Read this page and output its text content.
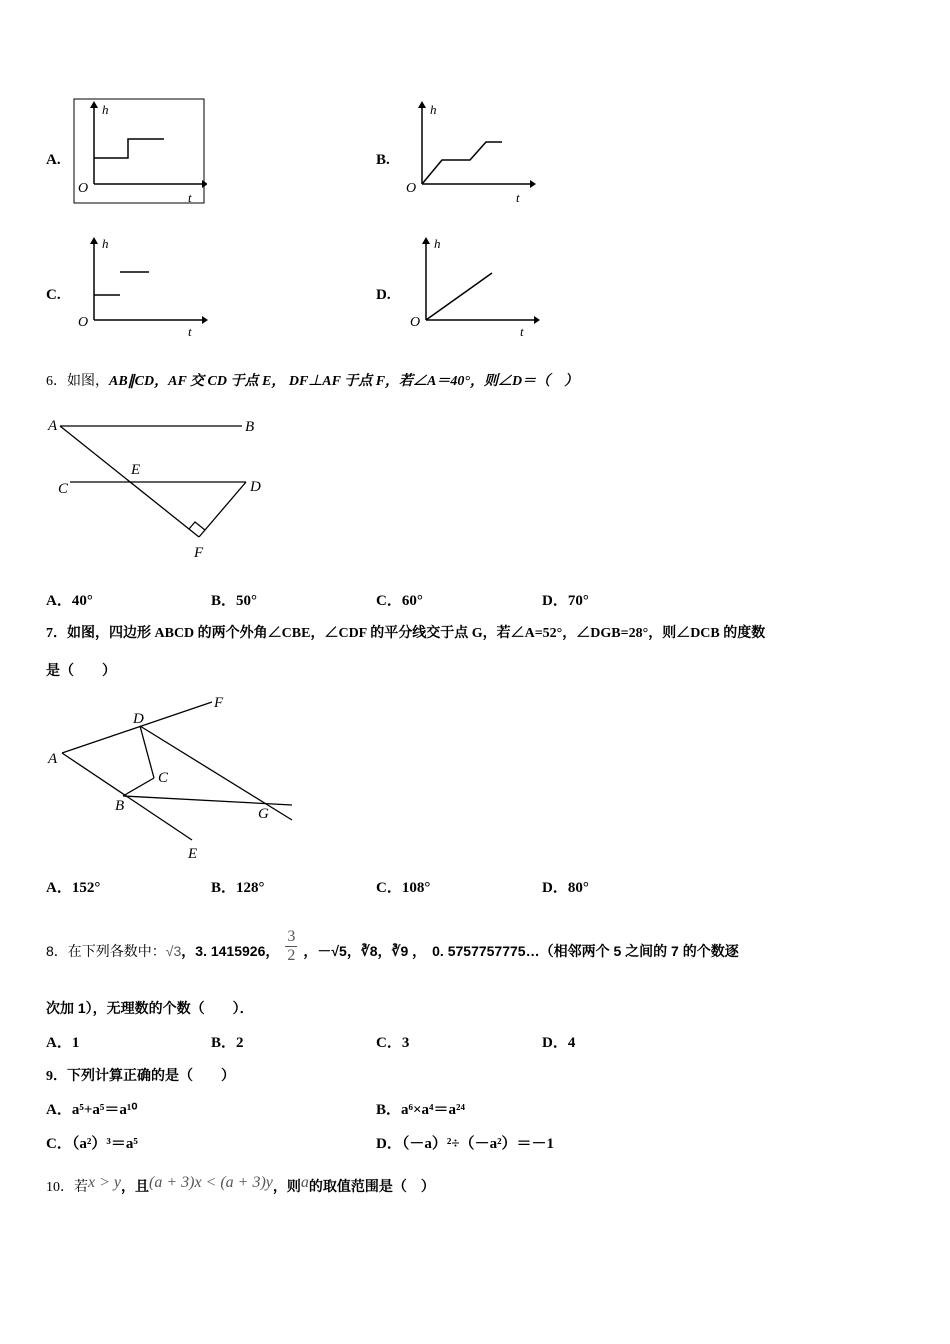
A.
h
O
t
B.
h
O
t
C.
h
O
t
D.
h
O
t
6．如图，AB∥CD，AF 交 CD 于点 E， DF⊥AF 于点 F，若∠A＝40°，则∠D＝（　）
A	B
C	D
E
F
A．40°	B．50°	C．60°	D．70°
7．如图，四边形 ABCD 的两个外角∠CBE，∠CDF 的平分线交于点 G，若∠A=52°，∠DGB=28°，则∠DCB 的度数
是（　　）
A
B
C
D
E
F
G
A．152°	B．128°	C．108°	D．80°
8．在下列各数中：√3，3. 1415926， $\frac{3}{2}$ ，－√5，∛8，∛9 ， 0. 5757757775…（相邻两个 5 之间的 7 的个数逐
次加 1），无理数的个数（　　）．
A．1	B．2	C．3	D．4
9．下列计算正确的是（　　）
A．a⁵+a⁵＝a¹⁰	B．a⁶×a⁴＝a²⁴
C．（a²）³＝a⁵	D．（－a）²÷（－a²）＝－1
10．若x > y，且(a + 3)x < (a + 3)y，则a的取值范围是（　）
